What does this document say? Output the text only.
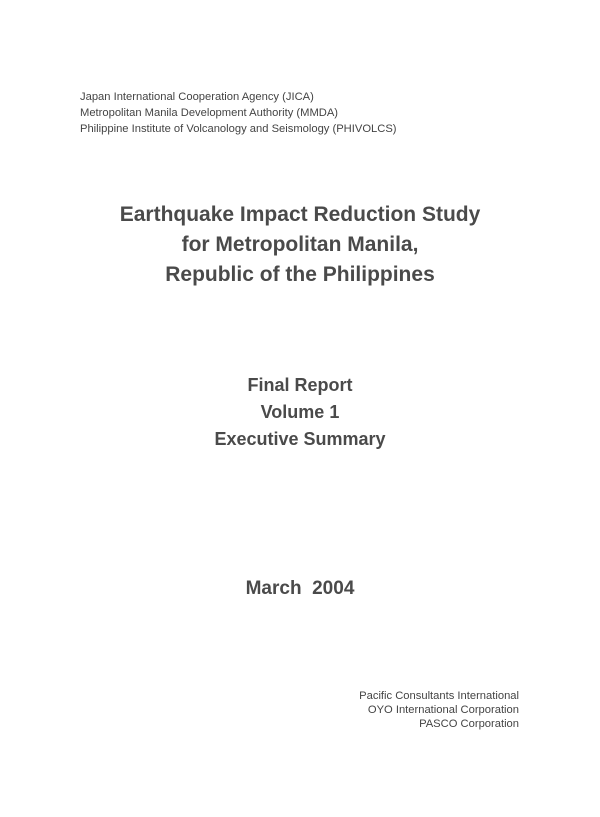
Japan International Cooperation Agency (JICA)
Metropolitan Manila Development Authority (MMDA)
Philippine Institute of Volcanology and Seismology (PHIVOLCS)
Earthquake Impact Reduction Study
for Metropolitan Manila,
Republic of the Philippines
Final Report
Volume 1
Executive Summary
March  2004
Pacific Consultants International
OYO International Corporation
PASCO Corporation
